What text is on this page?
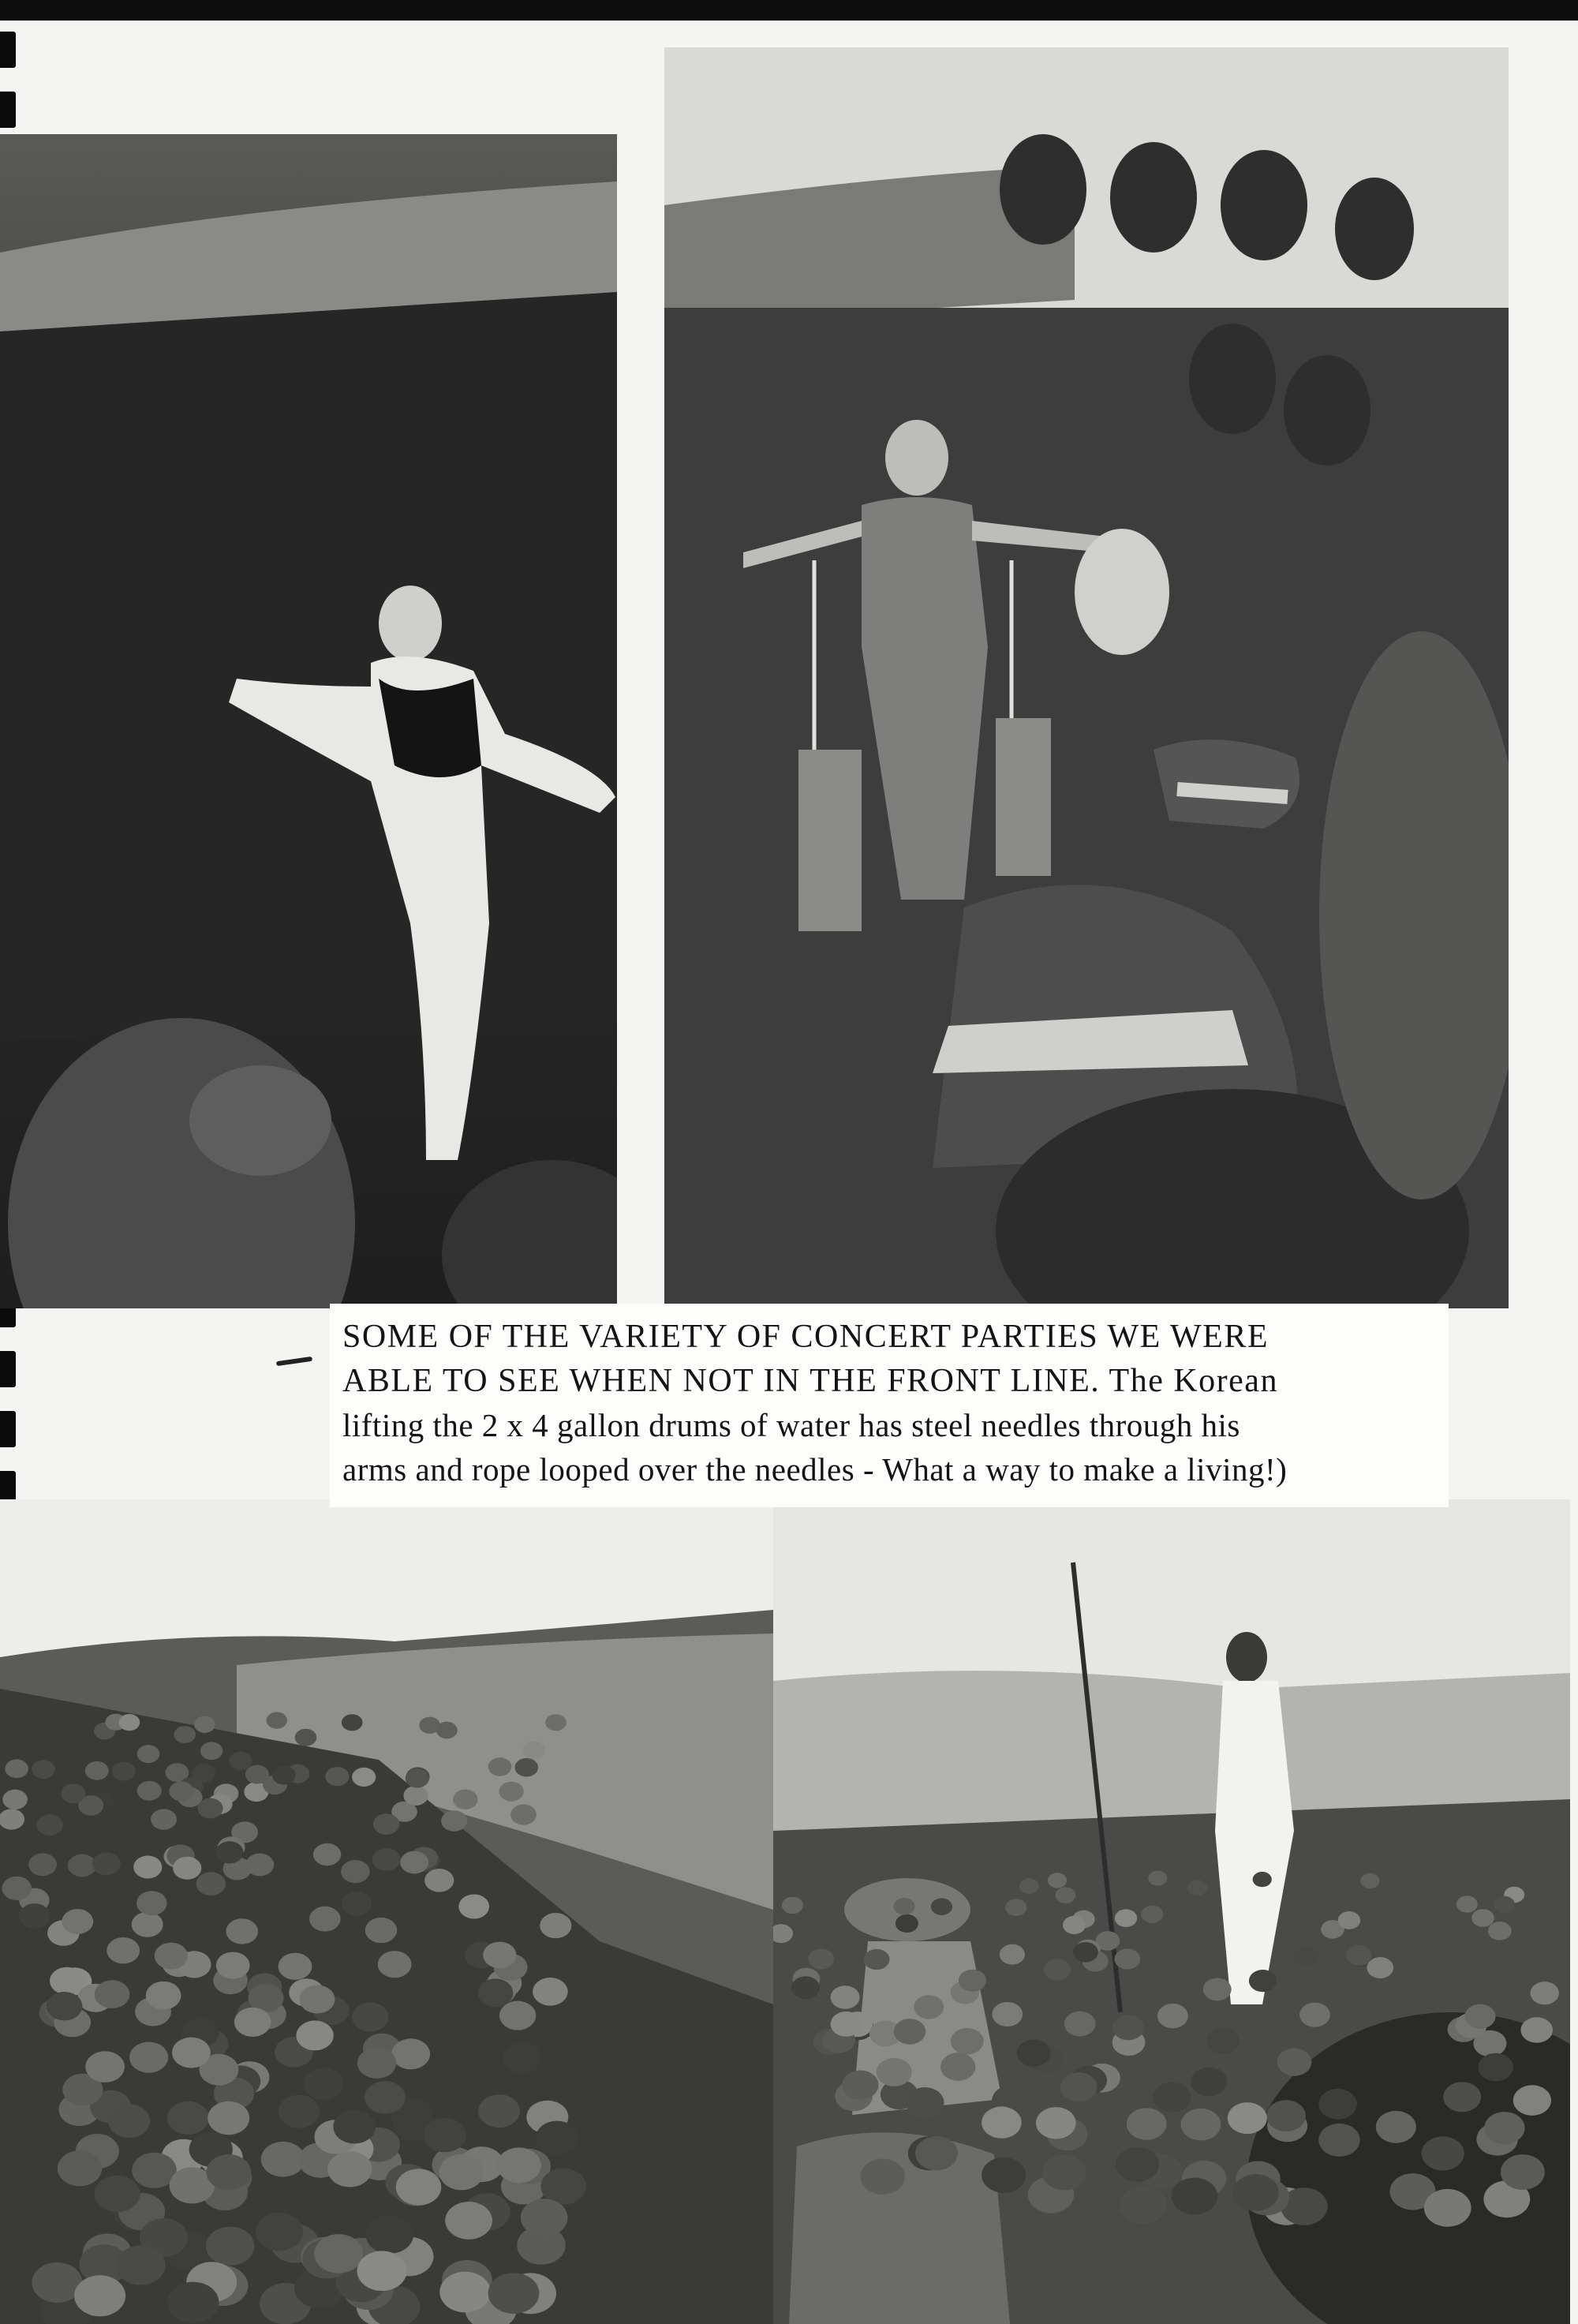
SOME OF THE VARIETY OF CONCERT PARTIES WE WERE
ABLE TO SEE WHEN NOT IN THE FRONT LINE. The Korean
lifting the 2 x 4 gallon drums of water has steel needles through his
arms and rope looped over the needles - What a way to make a living!)
